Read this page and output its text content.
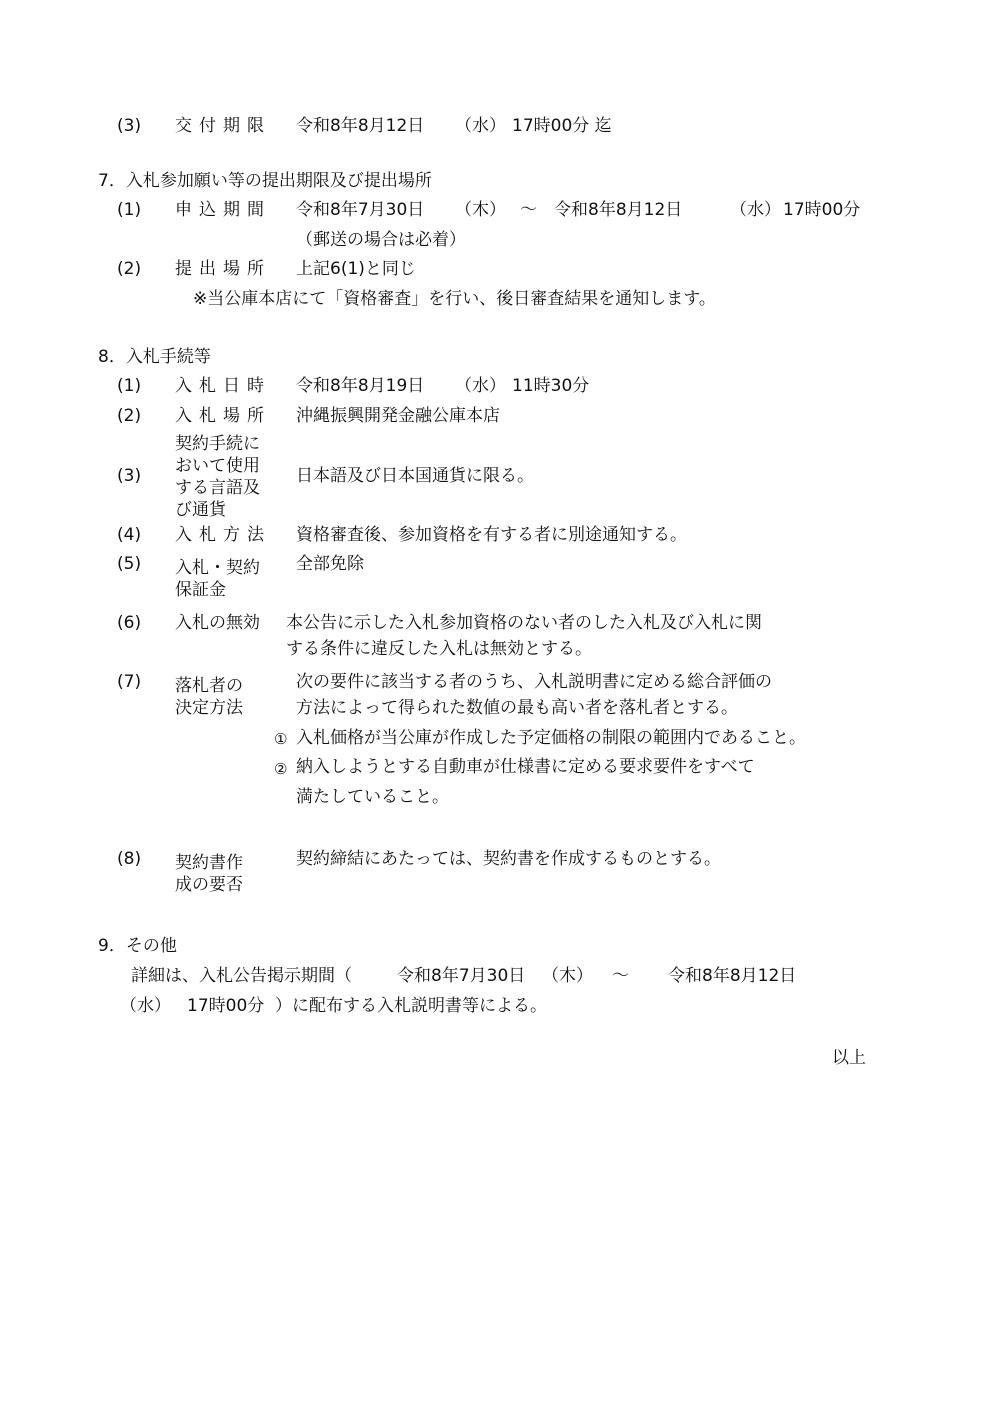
(3) 交付期限 令和8年8月12日 （水） 17時00分 迄
7．入札参加願い等の提出期限及び提出場所
(1) 申込期間 令和8年7月30日 （木） ～ 令和8年8月12日	（水） 17時00分
（郵送の場合は必着）
(2) 提出場所 上記6(1)と同じ
※当公庫本店にて「資格審査」を行い、後日審査結果を通知します。
8．入札手続等
(1) 入札日時 令和8年8月19日 （水） 11時30分
(2) 入札場所 沖縄振興開発金融公庫本店
(3)
契約手続に
おいて使用
する言語及
び通貨
日本語及び日本国通貨に限る。
(4) 入札方法 資格審査後、参加資格を有する者に別途通知する。
(5) 入札・契約
保証金
全部免除
(6) 入札の無効 本公告に示した入札参加資格のない者のした入札及び入札に関
する条件に違反した入札は無効とする。
(7) 落札者の
決定方法
次の要件に該当する者のうち、入札説明書に定める総合評価の
方法によって得られた数値の最も高い者を落札者とする。
① 入札価格が当公庫が作成した予定価格の制限の範囲内であること。
② 納入しようとする自動車が仕様書に定める要求要件をすべて
満たしていること。
(8) 契約書作
成の要否
契約締結にあたっては、契約書を作成するものとする。
9．その他
詳細は、入札公告掲示期間（	令和8年7月30日 （木） ～ 令和8年8月12日
（水） 17時00分 ）に配布する入札説明書等による。
以上
